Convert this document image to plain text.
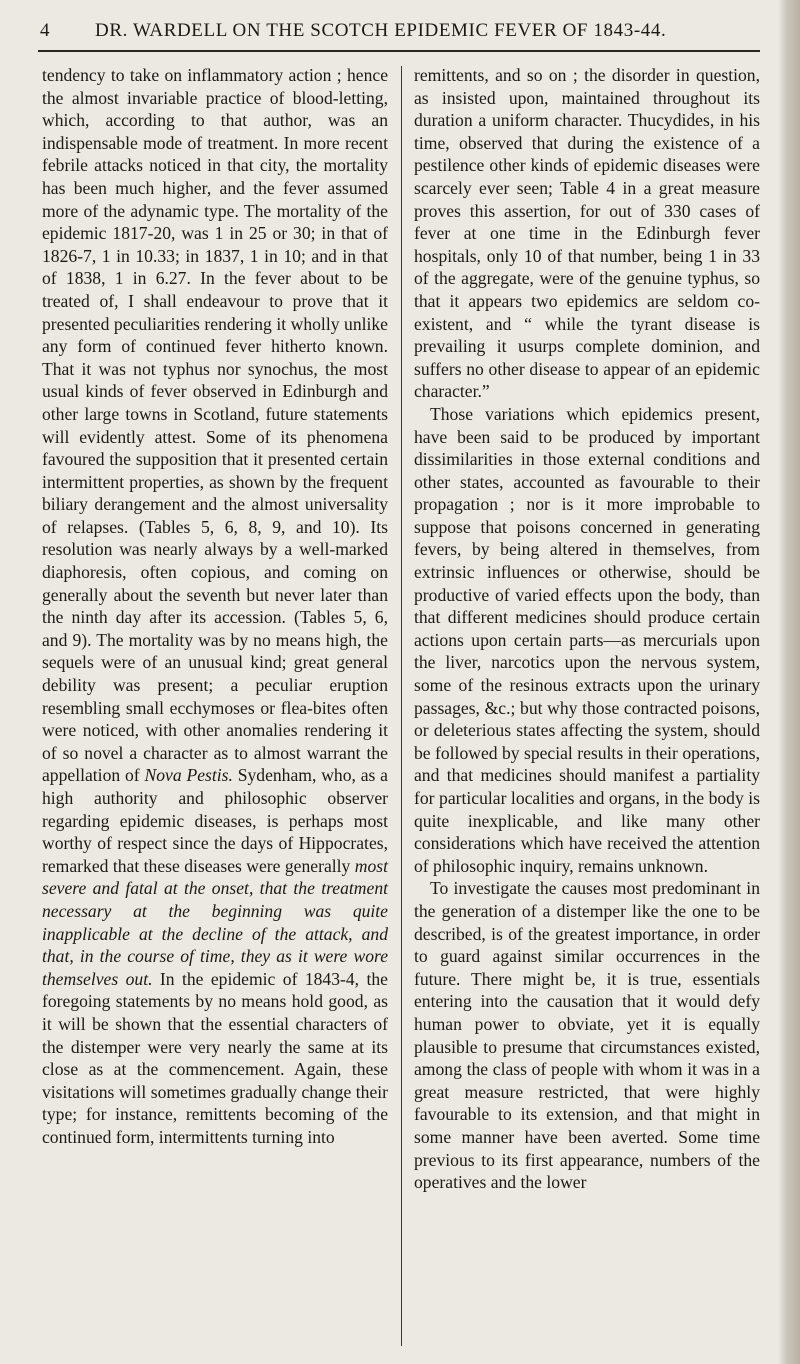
4 DR. WARDELL ON THE SCOTCH EPIDEMIC FEVER OF 1843-44.

tendency to take on inflammatory action ; hence the almost invariable practice of blood-letting, which, according to that author, was an indispensable mode of treatment. In more recent febrile attacks noticed in that city, the mortality has been much higher, and the fever assumed more of the adynamic type. The mortality of the epidemic 1817-20, was 1 in 25 or 30; in that of 1826-7, 1 in 10.33; in 1837, 1 in 10; and in that of 1838, 1 in 6.27. In the fever about to be treated of, I shall endeavour to prove that it presented peculiarities rendering it wholly unlike any form of continued fever hitherto known. That it was not typhus nor synochus, the most usual kinds of fever observed in Edinburgh and other large towns in Scotland, future statements will evidently attest. Some of its phenomena favoured the supposition that it presented certain intermittent properties, as shown by the frequent biliary derangement and the almost universality of relapses. (Tables 5, 6, 8, 9, and 10). Its resolution was nearly always by a well-marked diaphoresis, often copious, and coming on generally about the seventh but never later than the ninth day after its accession. (Tables 5, 6, and 9). The mortality was by no means high, the sequels were of an unusual kind; great general debility was present; a peculiar eruption resembling small ecchymoses or flea-bites often were noticed, with other anomalies rendering it of so novel a character as to almost warrant the appellation of Nova Pestis. Sydenham, who, as a high authority and philosophic observer regarding epidemic diseases, is perhaps most worthy of respect since the days of Hippocrates, remarked that these diseases were generally most severe and fatal at the onset, that the treatment necessary at the beginning was quite inapplicable at the decline of the attack, and that, in the course of time, they as it were wore themselves out. In the epidemic of 1843-4, the foregoing statements by no means hold good, as it will be shown that the essential characters of the distemper were very nearly the same at its close as at the commencement. Again, these visitations will sometimes gradually change their type; for instance, remittents becoming of the continued form, intermittents turning into

remittents, and so on ; the disorder in question, as insisted upon, maintained throughout its duration a uniform character. Thucydides, in his time, observed that during the existence of a pestilence other kinds of epidemic diseases were scarcely ever seen; Table 4 in a great measure proves this assertion, for out of 330 cases of fever at one time in the Edinburgh fever hospitals, only 10 of that number, being 1 in 33 of the aggregate, were of the genuine typhus, so that it appears two epidemics are seldom co-existent, and “ while the tyrant disease is prevailing it usurps complete dominion, and suffers no other disease to appear of an epidemic character.”

Those variations which epidemics present, have been said to be produced by important dissimilarities in those external conditions and other states, accounted as favourable to their propagation ; nor is it more improbable to suppose that poisons concerned in generating fevers, by being altered in themselves, from extrinsic influences or otherwise, should be productive of varied effects upon the body, than that different medicines should produce certain actions upon certain parts—as mercurials upon the liver, narcotics upon the nervous system, some of the resinous extracts upon the urinary passages, &c.; but why those contracted poisons, or deleterious states affecting the system, should be followed by special results in their operations, and that medicines should manifest a partiality for particular localities and organs, in the body is quite inexplicable, and like many other considerations which have received the attention of philosophic inquiry, remains unknown.

To investigate the causes most predominant in the generation of a distemper like the one to be described, is of the greatest importance, in order to guard against similar occurrences in the future. There might be, it is true, essentials entering into the causation that it would defy human power to obviate, yet it is equally plausible to presume that circumstances existed, among the class of people with whom it was in a great measure restricted, that were highly favourable to its extension, and that might in some manner have been averted. Some time previous to its first appearance, numbers of the operatives and the lower
